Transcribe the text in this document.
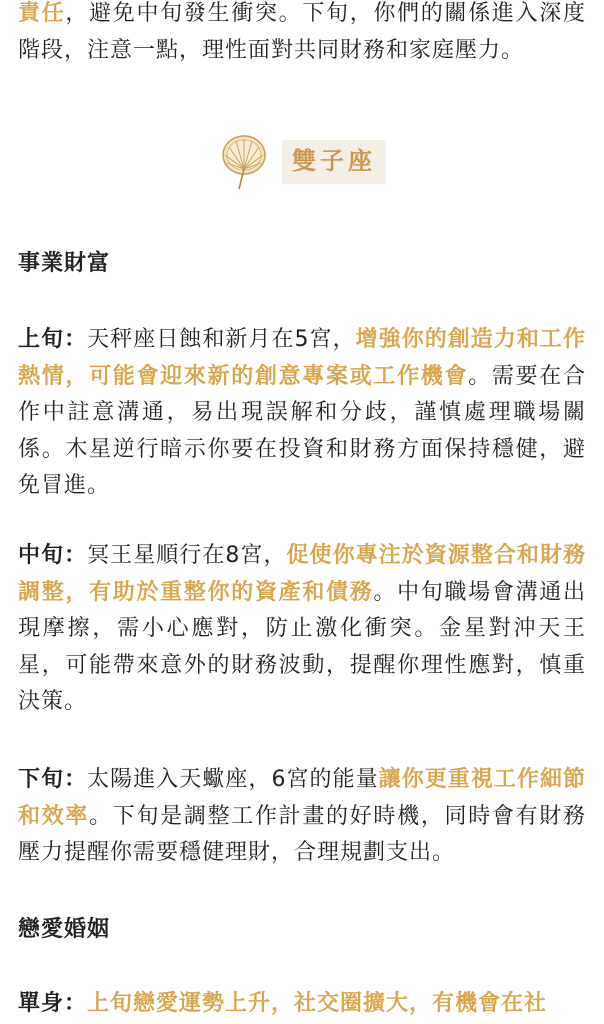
責任，避免中旬發生衝突。下旬，你們的關係進入深度階段，注意一點，理性面對共同財務和家庭壓力。

雙子座
事業財富

上旬：天秤座日蝕和新月在5宮，增強你的創造力和工作熱情，可能會迎來新的創意專案或工作機會。需要在合作中註意溝通，易出現誤解和分歧，謹慎處理職場關係。木星逆行暗示你要在投資和財務方面保持穩健，避免冒進。

中旬：冥王星順行在8宮，促使你專注於資源整合和財務調整，有助於重整你的資產和債務。中旬職場會溝通出現摩擦，需小心應對，防止激化衝突。金星對沖天王星，可能帶來意外的財務波動，提醒你理性應對，慎重決策。

下旬：太陽進入天蠍座，6宮的能量讓你更重視工作細節和效率。下旬是調整工作計畫的好時機，同時會有財務壓力提醒你需要穩健理財，合理規劃支出。

戀愛婚姻

單身：上旬戀愛運勢上升，社交圈擴大，有機會在社
